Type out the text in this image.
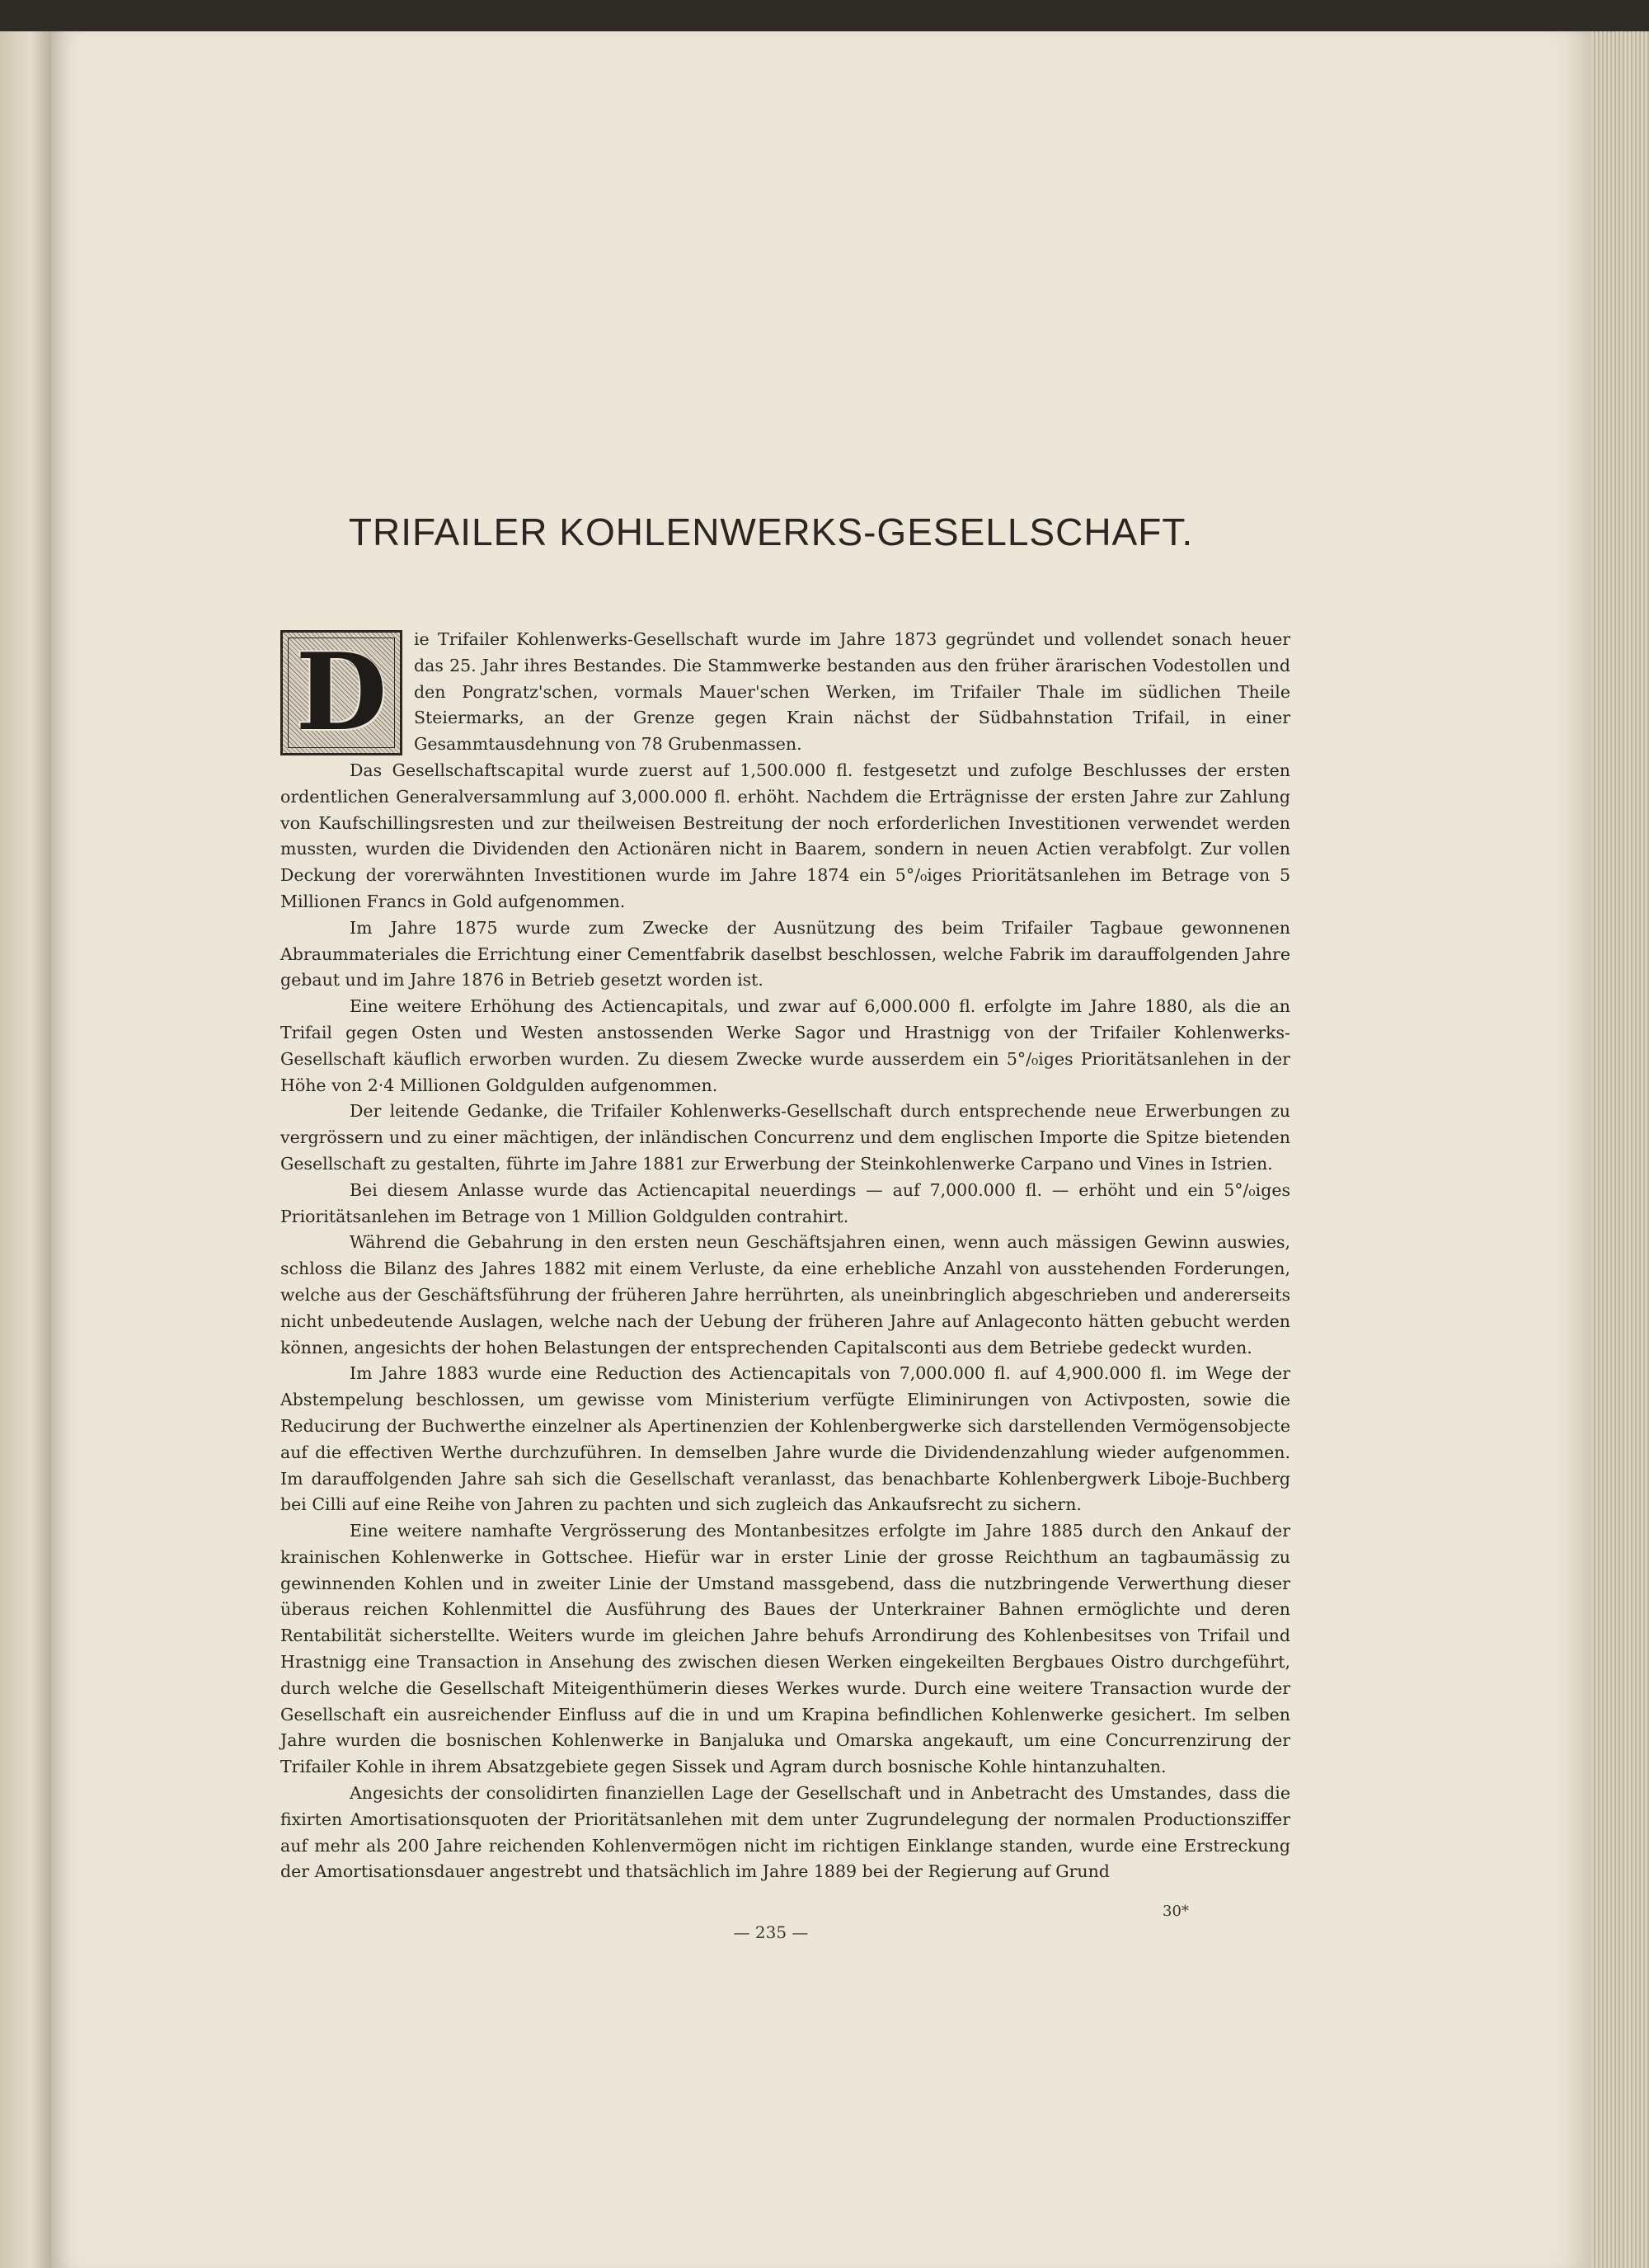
TRIFAILER KOHLENWERKS-GESELLSCHAFT.

D ie Trifailer Kohlenwerks-Gesellschaft wurde im Jahre 1873 gegründet und vollendet sonach heuer das 25. Jahr ihres Bestandes. Die Stammwerke bestanden aus den früher ärarischen Vodestollen und den Pongratz'schen, vormals Mauer'schen Werken, im Trifailer Thale im südlichen Theile Steiermarks, an der Grenze gegen Krain nächst der Südbahnstation Trifail, in einer Gesammtausdehnung von 78 Grubenmassen.

Das Gesellschaftscapital wurde zuerst auf 1,500.000 fl. festgesetzt und zufolge Beschlusses der ersten ordentlichen Generalversammlung auf 3,000.000 fl. erhöht. Nachdem die Erträgnisse der ersten Jahre zur Zahlung von Kaufschillingsresten und zur theilweisen Bestreitung der noch erforderlichen Investitionen verwendet werden mussten, wurden die Dividenden den Actionären nicht in Baarem, sondern in neuen Actien verabfolgt. Zur vollen Deckung der vorerwähnten Investitionen wurde im Jahre 1874 ein 5°/₀iges Prioritätsanlehen im Betrage von 5 Millionen Francs in Gold aufgenommen.

Im Jahre 1875 wurde zum Zwecke der Ausnützung des beim Trifailer Tagbaue gewonnenen Abraummateriales die Errichtung einer Cementfabrik daselbst beschlossen, welche Fabrik im darauffolgenden Jahre gebaut und im Jahre 1876 in Betrieb gesetzt worden ist.

Eine weitere Erhöhung des Actiencapitals, und zwar auf 6,000.000 fl. erfolgte im Jahre 1880, als die an Trifail gegen Osten und Westen anstossenden Werke Sagor und Hrastnigg von der Trifailer Kohlenwerks-Gesellschaft käuflich erworben wurden. Zu diesem Zwecke wurde ausserdem ein 5°/₀iges Prioritätsanlehen in der Höhe von 2·4 Millionen Goldgulden aufgenommen.

Der leitende Gedanke, die Trifailer Kohlenwerks-Gesellschaft durch entsprechende neue Erwerbungen zu vergrössern und zu einer mächtigen, der inländischen Concurrenz und dem englischen Importe die Spitze bietenden Gesellschaft zu gestalten, führte im Jahre 1881 zur Erwerbung der Steinkohlenwerke Carpano und Vines in Istrien.

Bei diesem Anlasse wurde das Actiencapital neuerdings — auf 7,000.000 fl. — erhöht und ein 5°/₀iges Prioritätsanlehen im Betrage von 1 Million Goldgulden contrahirt.

Während die Gebahrung in den ersten neun Geschäftsjahren einen, wenn auch mässigen Gewinn auswies, schloss die Bilanz des Jahres 1882 mit einem Verluste, da eine erhebliche Anzahl von ausstehenden Forderungen, welche aus der Geschäftsführung der früheren Jahre herrührten, als uneinbringlich abgeschrieben und andererseits nicht unbedeutende Auslagen, welche nach der Uebung der früheren Jahre auf Anlageconto hätten gebucht werden können, angesichts der hohen Belastungen der entsprechenden Capitalsconti aus dem Betriebe gedeckt wurden.

Im Jahre 1883 wurde eine Reduction des Actiencapitals von 7,000.000 fl. auf 4,900.000 fl. im Wege der Abstempelung beschlossen, um gewisse vom Ministerium verfügte Eliminirungen von Activposten, sowie die Reducirung der Buchwerthe einzelner als Apertinenzien der Kohlenbergwerke sich darstellenden Vermögensobjecte auf die effectiven Werthe durchzuführen. In demselben Jahre wurde die Dividendenzahlung wieder aufgenommen. Im darauffolgenden Jahre sah sich die Gesellschaft veranlasst, das benachbarte Kohlenbergwerk Liboje-Buchberg bei Cilli auf eine Reihe von Jahren zu pachten und sich zugleich das Ankaufsrecht zu sichern.

Eine weitere namhafte Vergrösserung des Montanbesitzes erfolgte im Jahre 1885 durch den Ankauf der krainischen Kohlenwerke in Gottschee. Hiefür war in erster Linie der grosse Reichthum an tagbaumässig zu gewinnenden Kohlen und in zweiter Linie der Umstand massgebend, dass die nutzbringende Verwerthung dieser überaus reichen Kohlenmittel die Ausführung des Baues der Unterkrainer Bahnen ermöglichte und deren Rentabilität sicherstellte. Weiters wurde im gleichen Jahre behufs Arrondirung des Kohlenbesitses von Trifail und Hrastnigg eine Transaction in Ansehung des zwischen diesen Werken eingekeilten Bergbaues Oistro durchgeführt, durch welche die Gesellschaft Miteigenthümerin dieses Werkes wurde. Durch eine weitere Transaction wurde der Gesellschaft ein ausreichender Einfluss auf die in und um Krapina befindlichen Kohlenwerke gesichert. Im selben Jahre wurden die bosnischen Kohlenwerke in Banjaluka und Omarska angekauft, um eine Concurrenzirung der Trifailer Kohle in ihrem Absatzgebiete gegen Sissek und Agram durch bosnische Kohle hintanzuhalten.

Angesichts der consolidirten finanziellen Lage der Gesellschaft und in Anbetracht des Umstandes, dass die fixirten Amortisationsquoten der Prioritätsanlehen mit dem unter Zugrundelegung der normalen Productionsziffer auf mehr als 200 Jahre reichenden Kohlenvermögen nicht im richtigen Einklange standen, wurde eine Erstreckung der Amortisationsdauer angestrebt und thatsächlich im Jahre 1889 bei der Regierung auf Grund

30*
— 235 —
